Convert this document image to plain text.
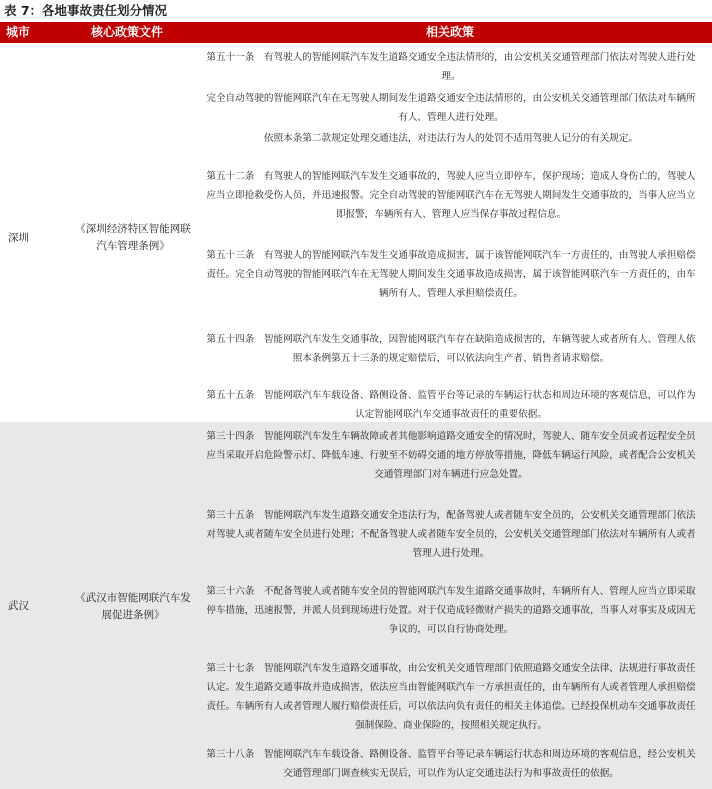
表 7：各地事故责任划分情况
城市	核心政策文件	相关政策
深圳
《深圳经济特区智能网联汽车管理条例》
第五十一条　有驾驶人的智能网联汽车发生道路交通安全违法情形的，由公安机关交通管理部门依法对驾驶人进行处理。
完全自动驾驶的智能网联汽车在无驾驶人期间发生道路交通安全违法情形的，由公安机关交通管理部门依法对车辆所有人、管理人进行处理。
依照本条第二款规定处理交通违法，对违法行为人的处罚不适用驾驶人记分的有关规定。
第五十二条　有驾驶人的智能网联汽车发生交通事故的，驾驶人应当立即停车，保护现场；造成人身伤亡的，驾驶人应当立即抢救受伤人员，并迅速报警。完全自动驾驶的智能网联汽车在无驾驶人期间发生交通事故的，当事人应当立即报警，车辆所有人、管理人应当保存事故过程信息。
第五十三条　有驾驶人的智能网联汽车发生交通事故造成损害，属于该智能网联汽车一方责任的，由驾驶人承担赔偿责任。完全自动驾驶的智能网联汽车在无驾驶人期间发生交通事故造成损害，属于该智能网联汽车一方责任的，由车辆所有人、管理人承担赔偿责任。
第五十四条　智能网联汽车发生交通事故，因智能网联汽车存在缺陷造成损害的，车辆驾驶人或者所有人、管理人依照本条例第五十三条的规定赔偿后，可以依法向生产者、销售者请求赔偿。
第五十五条　智能网联汽车车载设备、路侧设备、监管平台等记录的车辆运行状态和周边环境的客观信息，可以作为认定智能网联汽车交通事故责任的重要依据。
武汉
《武汉市智能网联汽车发展促进条例》
第三十四条　智能网联汽车发生车辆故障或者其他影响道路交通安全的情况时，驾驶人、随车安全员或者远程安全员应当采取开启危险警示灯、降低车速、行驶至不妨碍交通的地方停放等措施，降低车辆运行风险，或者配合公安机关交通管理部门对车辆进行应急处置。
第三十五条　智能网联汽车发生道路交通安全违法行为，配备驾驶人或者随车安全员的，公安机关交通管理部门依法对驾驶人或者随车安全员进行处理；不配备驾驶人或者随车安全员的，公安机关交通管理部门依法对车辆所有人或者管理人进行处理。
第三十六条　不配备驾驶人或者随车安全员的智能网联汽车发生道路交通事故时，车辆所有人、管理人应当立即采取停车措施，迅速报警，并派人员到现场进行处置。对于仅造成轻微财产损失的道路交通事故，当事人对事实及成因无争议的，可以自行协商处理。
第三十七条　智能网联汽车发生道路交通事故，由公安机关交通管理部门依照道路交通安全法律、法规进行事故责任认定。发生道路交通事故并造成损害，依法应当由智能网联汽车一方承担责任的，由车辆所有人或者管理人承担赔偿责任。车辆所有人或者管理人履行赔偿责任后，可以依法向负有责任的相关主体追偿。已经投保机动车交通事故责任强制保险、商业保险的，按照相关规定执行。
第三十八条　智能网联汽车车载设备、路侧设备、监管平台等记录车辆运行状态和周边环境的客观信息，经公安机关交通管理部门调查核实无误后，可以作为认定交通违法行为和事故责任的依据。
